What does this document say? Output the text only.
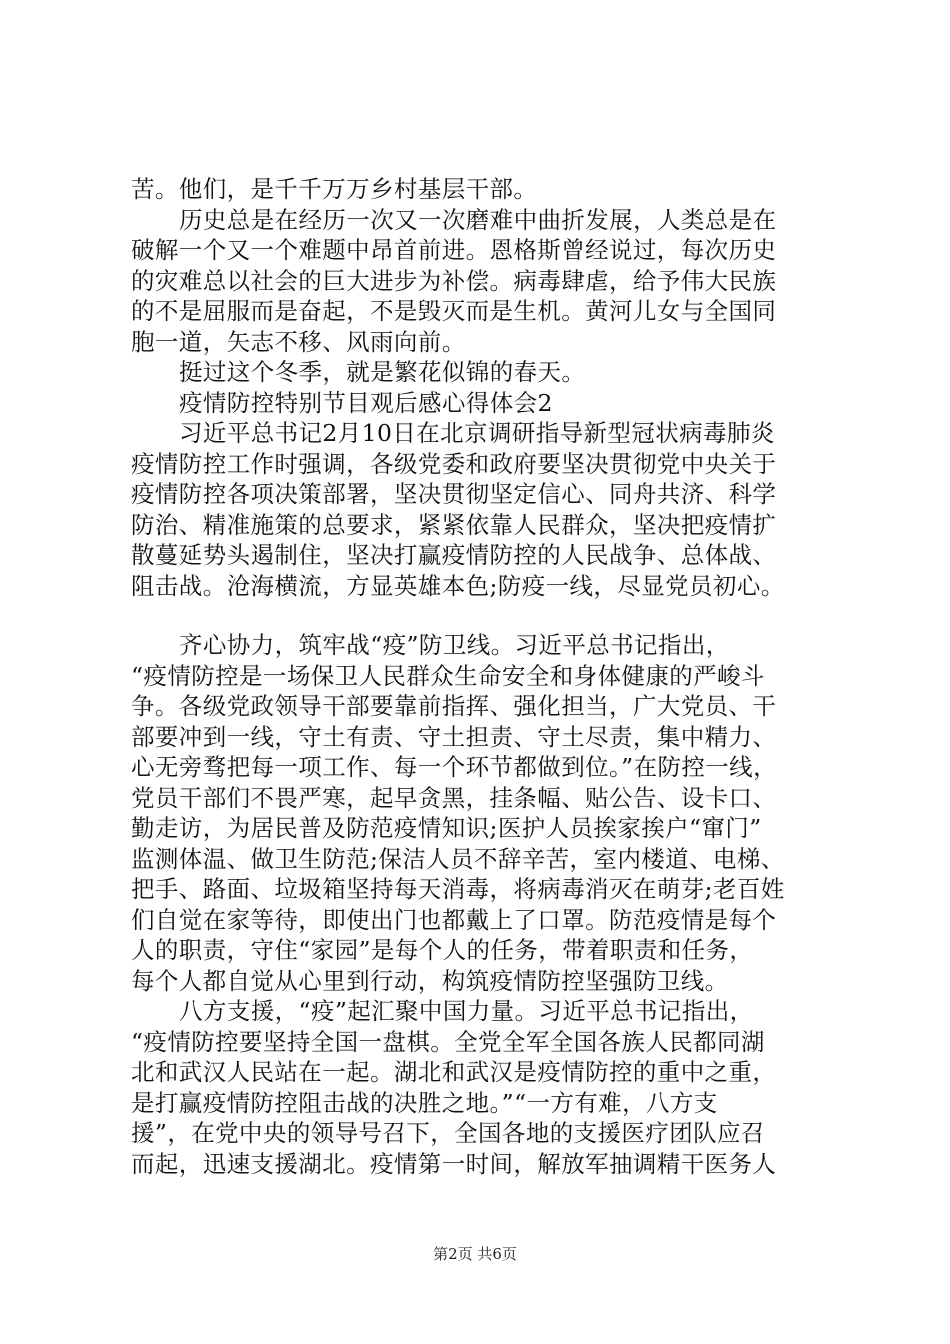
苦。他们，是千千万万乡村基层干部。
历史总是在经历一次又一次磨难中曲折发展，人类总是在
破解一个又一个难题中昂首前进。恩格斯曾经说过，每次历史
的灾难总以社会的巨大进步为补偿。病毒肆虐，给予伟大民族
的不是屈服而是奋起，不是毁灭而是生机。黄河儿女与全国同
胞一道，矢志不移、风雨向前。
挺过这个冬季，就是繁花似锦的春天。
疫情防控特别节目观后感心得体会2
习近平总书记2月10日在北京调研指导新型冠状病毒肺炎
疫情防控工作时强调，各级党委和政府要坚决贯彻党中央关于
疫情防控各项决策部署，坚决贯彻坚定信心、同舟共济、科学
防治、精准施策的总要求，紧紧依靠人民群众，坚决把疫情扩
散蔓延势头遏制住，坚决打赢疫情防控的人民战争、总体战、
阻击战。沧海横流，方显英雄本色;防疫一线，尽显党员初心。
齐心协力，筑牢战“疫”防卫线。习近平总书记指出，
“疫情防控是一场保卫人民群众生命安全和身体健康的严峻斗
争。各级党政领导干部要靠前指挥、强化担当，广大党员、干
部要冲到一线，守土有责、守土担责、守土尽责，集中精力、
心无旁骛把每一项工作、每一个环节都做到位。”在防控一线，
党员干部们不畏严寒，起早贪黑，挂条幅、贴公告、设卡口、
勤走访，为居民普及防范疫情知识;医护人员挨家挨户“窜门”
监测体温、做卫生防范;保洁人员不辞辛苦，室内楼道、电梯、
把手、路面、垃圾箱坚持每天消毒，将病毒消灭在萌芽;老百姓
们自觉在家等待，即使出门也都戴上了口罩。防范疫情是每个
人的职责，守住“家园”是每个人的任务，带着职责和任务，
每个人都自觉从心里到行动，构筑疫情防控坚强防卫线。
八方支援，“疫”起汇聚中国力量。习近平总书记指出，
“疫情防控要坚持全国一盘棋。全党全军全国各族人民都同湖
北和武汉人民站在一起。湖北和武汉是疫情防控的重中之重，
是打赢疫情防控阻击战的决胜之地。”“一方有难，八方支
援”，在党中央的领导号召下，全国各地的支援医疗团队应召
而起，迅速支援湖北。疫情第一时间，解放军抽调精干医务人
第2页 共6页
